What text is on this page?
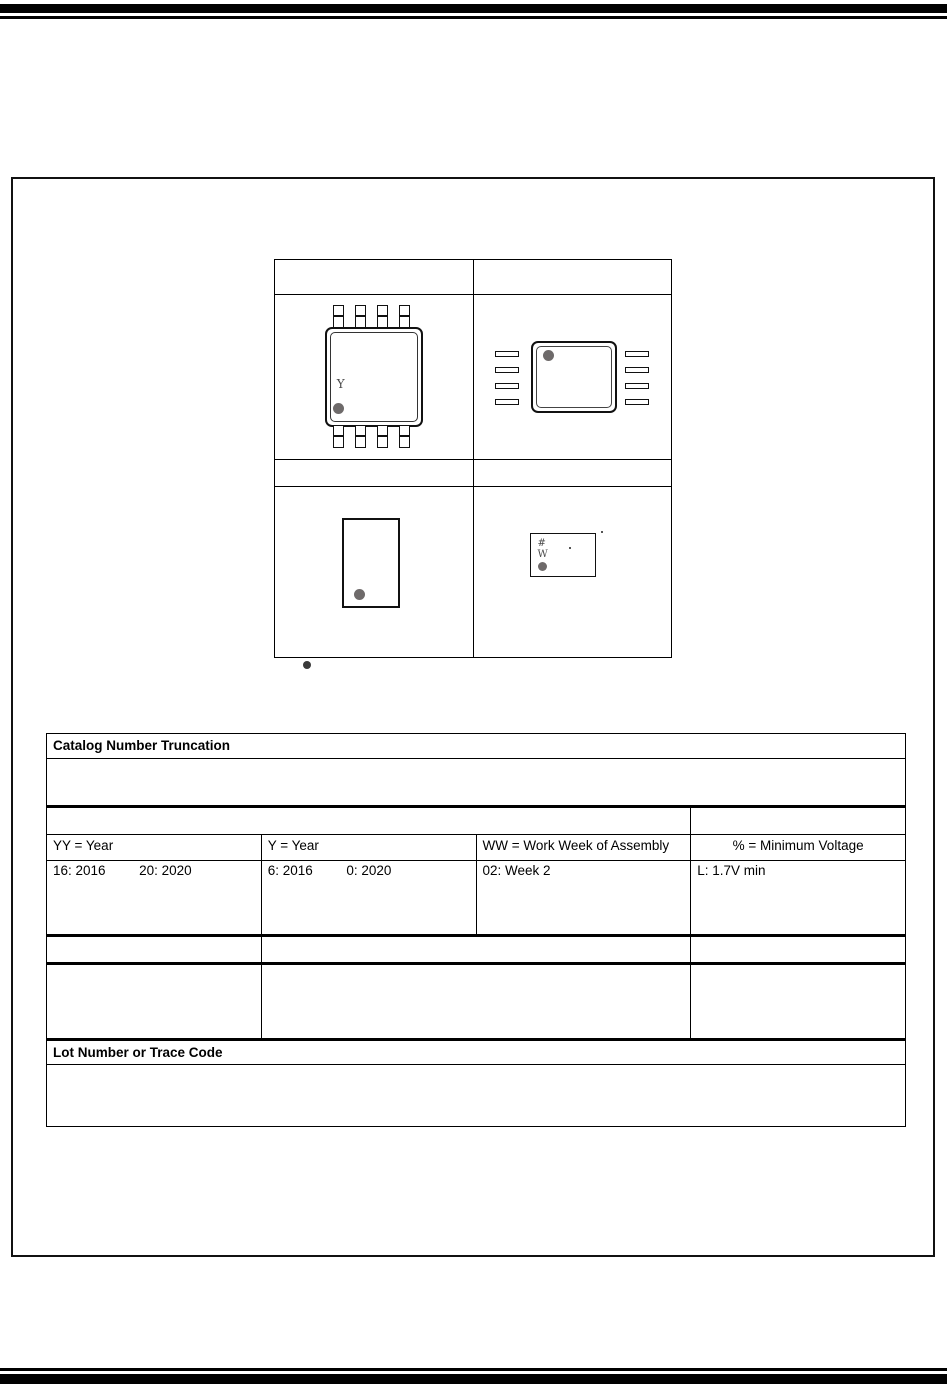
Y	

	#
W
Catalog Number Truncation			

YY = Year	Y = Year	WW = Work Week of Assembly	% = Minimum Voltage
16: 2016 20: 2020	6: 2016 0: 2020	02: Week 2	L: 1.7V min

Lot Number or Trace Code			
